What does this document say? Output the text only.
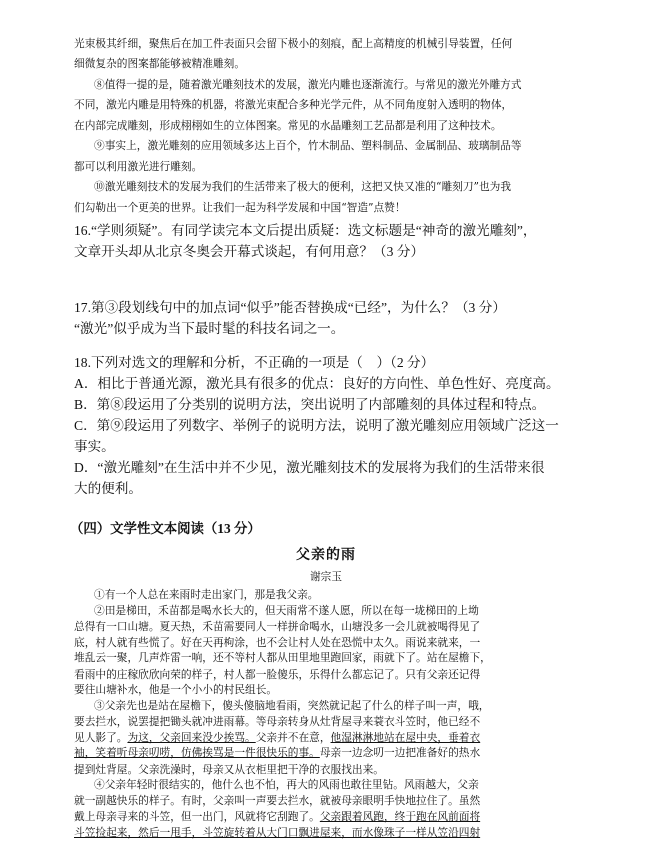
光束极其纤细，聚焦后在加工件表面只会留下极小的刻痕，配上高精度的机械引导装置，任何
细微复杂的图案都能够被精准雕刻。
⑧值得一提的是，随着激光雕刻技术的发展，激光内雕也逐渐流行。与常见的激光外雕方式
不同，激光内雕是用特殊的机器，将激光束配合多种光学元件，从不同角度射入透明的物体，
在内部完成雕刻，形成栩栩如生的立体图案。常见的水晶雕刻工艺品都是利用了这种技术。
⑨事实上，激光雕刻的应用领域多达上百个，竹木制品、塑料制品、金属制品、玻璃制品等
都可以利用激光进行雕刻。
⑩激光雕刻技术的发展为我们的生活带来了极大的便利，这把又快又准的“雕刻刀”也为我
们勾勒出一个更美的世界。让我们一起为科学发展和中国“智造”点赞！
16.“学则须疑”。有同学读完本文后提出质疑：选文标题是“神奇的激光雕刻”，
文章开头却从北京冬奥会开幕式谈起，有何用意？（3 分）
17.第③段划线句中的加点词“似乎”能否替换成“已经”，为什么？（3 分）
“激光”似乎成为当下最时髦的科技名词之一。
18.下列对选文的理解和分析，不正确的一项是（　）（2 分）
A．相比于普通光源，激光具有很多的优点：良好的方向性、单色性好、亮度高。
B．第⑧段运用了分类别的说明方法，突出说明了内部雕刻的具体过程和特点。
C．第⑨段运用了列数字、举例子的说明方法，说明了激光雕刻应用领域广泛这一
事实。
D．“激光雕刻”在生活中并不少见，激光雕刻技术的发展将为我们的生活带来很
大的便利。
（四）文学性文本阅读（13 分）
父亲的雨
谢宗玉
①有一个人总在来雨时走出家门，那是我父亲。
②田是梯田，禾苗都是喝水长大的，但天雨常不遂人愿，所以在每一垅梯田的上坳
总得有一口山塘。夏天热，禾苗需要同人一样拼命喝水，山塘没多一会儿就被喝得见了
底，村人就有些慌了。好在天再枸涂，也不会让村人处在恐慌中太久。雨说来就来，一
堆乱云一聚，几声炸雷一响，还不等村人都从田里地里跑回家，雨就下了。站在屋檐下，
看雨中的庄稼欣欣向荣的样子，村人都一脸傻乐，乐得什么都忘记了。只有父亲还记得
要往山塘补水，他是一个小小的村民组长。
③父亲先也是站在屋檐下，傻头傻脑地看雨，突然就记起了什么的样子叫一声，哦，
要去拦水，说罢提把锄头就冲进雨幕。等母亲转身从灶背屋寻来蓑衣斗笠时，他已经不
见人影了。为这，父亲回来没少挨骂。父亲并不在意，他湿淋淋地站在屋中央，垂着衣
袖，笑着听母亲叨唠，仿佛挨骂是一件很快乐的事。母亲一边念叨一边把准备好的热水
提到灶背屋。父亲洗澡时，母亲又从衣柜里把干净的衣服找出来。
④父亲年轻时很结实的，他什么也不怕，再大的风雨也敢往里钻。风雨越大，父亲
就一副越快乐的样子。有时，父亲叫一声要去拦水，就被母亲眼明手快地拉住了。虽然
戴上母亲寻来的斗笠，但一出门，风就将它刮跑了。父亲跟着风跑，终于跑在风前面将
斗笠捡起来，然后一甩手，斗笠旋转着从大门口飘进屋来，而水像珠子一样从笠沿四射
